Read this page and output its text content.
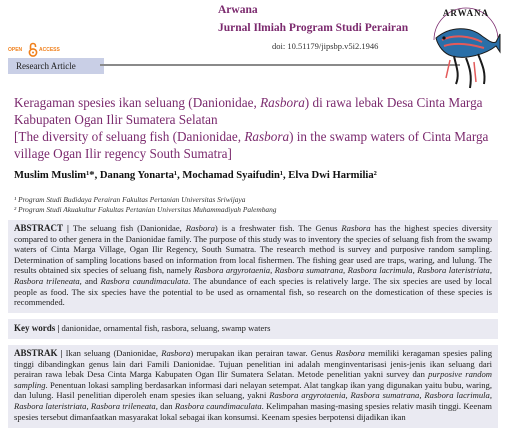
Arwana
Jurnal Ilmiah Program Studi Perairan
doi: 10.51179/jipsbp.v5i2.1946
OPEN	ACCESS
Research Article
ARWANA
Keragaman spesies ikan seluang (Danionidae, Rasbora) di rawa lebak Desa Cinta Marga Kabupaten Ogan Ilir Sumatera Selatan
[The diversity of seluang fish (Danionidae, Rasbora) in the swamp waters of Cinta Marga village Ogan Ilir regency South Sumatra]
Muslim Muslim¹*, Danang Yonarta¹, Mochamad Syaifudin¹, Elva Dwi Harmilia²
¹ Program Studi Budidaya Perairan Fakultas Pertanian Universitas Sriwijaya
² Program Studi Akuakultur Fakultas Pertanian Universitas Muhammadiyah Palembang
ABSTRACT | The seluang fish (Danionidae, Rasbora) is a freshwater fish. The Genus Rasbora has the highest species diversity compared to other genera in the Danionidae family. The purpose of this study was to inventory the species of seluang fish from the swamp waters of Cinta Marga Village, Ogan Ilir Regency, South Sumatra. The research method is survey and purposive random sampling. Determination of sampling locations based on information from local fishermen. The fishing gear used are traps, waring, and lulung. The results obtained six species of seluang fish, namely Rasbora argyrotaenia, Rasbora sumatrana, Rasbora lacrimula, Rasbora lateristriata, Rasbora trileneata, and Rasbora caundimaculata. The abundance of each species is relatively large. The six species are used by local people as food. The six species have the potential to be used as ornamental fish, so research on the domestication of these species is recommended.
Key words | danionidae, ornamental fish, rasbora, seluang, swamp waters
ABSTRAK | Ikan seluang (Danionidae, Rasbora) merupakan ikan perairan tawar. Genus Rasbora memiliki keragaman spesies paling tinggi dibandingkan genus lain dari Famili Danionidae. Tujuan penelitian ini adalah menginventarisasi jenis-jenis ikan seluang dari perairan rawa lebak Desa Cinta Marga Kabupaten Ogan Ilir Sumatera Selatan. Metode penelitian yakni survey dan purposive random sampling. Penentuan lokasi sampling berdasarkan informasi dari nelayan setempat. Alat tangkap ikan yang digunakan yaitu bubu, waring, dan lulung. Hasil penelitian diperoleh enam spesies ikan seluang, yakni Rasbora argyrotaenia, Rasbora sumatrana, Rasbora lacrimula, Rasbora lateristriata, Rasbora trileneata, dan Rasbora caundimaculata. Kelimpahan masing-masing spesies relativ masih tinggi. Keenam spesies tersebut dimanfaatkan masyarakat lokal sebagai ikan konsumsi. Keenam spesies berpotensi dijadikan ikan
